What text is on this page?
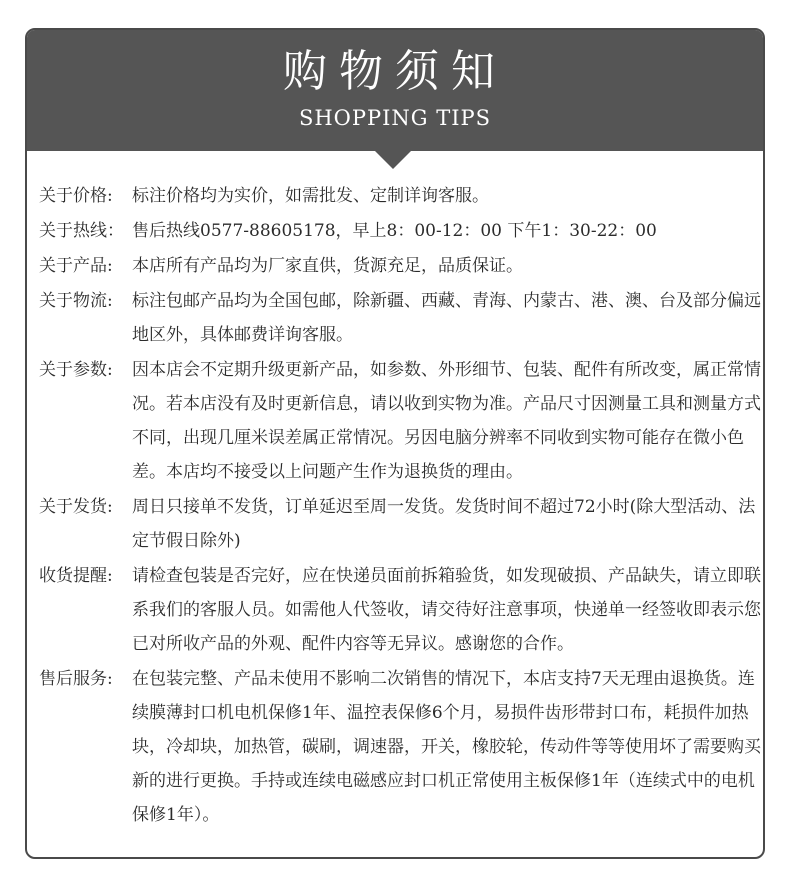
购物须知
SHOPPING TIPS
关于价格:	标注价格均为实价，如需批发、定制详询客服。
关于热线： 售后热线0577-88605178，早上8：00-12：00 下午1：30-22：00
关于产品:	本店所有产品均为厂家直供，货源充足，品质保证。
关于物流:	标注包邮产品均为全国包邮，除新疆、西藏、青海、内蒙古、港、澳、台及部分偏远地区外，具体邮费详询客服。
关于参数:	因本店会不定期升级更新产品，如参数、外形细节、包装、配件有所改变，属正常情况。若本店没有及时更新信息，请以收到实物为准。产品尺寸因测量工具和测量方式不同，出现几厘米误差属正常情况。另因电脑分辨率不同收到实物可能存在微小色差。本店均不接受以上问题产生作为退换货的理由。
关于发货:	周日只接单不发货，订单延迟至周一发货。发货时间不超过72小时(除大型活动、法定节假日除外)
收货提醒:	请检查包装是否完好，应在快递员面前拆箱验货，如发现破损、产品缺失，请立即联系我们的客服人员。如需他人代签收，请交待好注意事项，快递单一经签收即表示您已对所收产品的外观、配件内容等无异议。感谢您的合作。
售后服务:	在包装完整、产品未使用不影响二次销售的情况下，本店支持7天无理由退换货。连续膜薄封口机电机保修1年、温控表保修6个月，易损件齿形带封口布，耗损件加热块，冷却块，加热管，碳刷，调速器，开关，橡胶轮，传动件等等使用坏了需要购买新的进行更换。手持或连续电磁感应封口机正常使用主板保修1年（连续式中的电机保修1年）。
